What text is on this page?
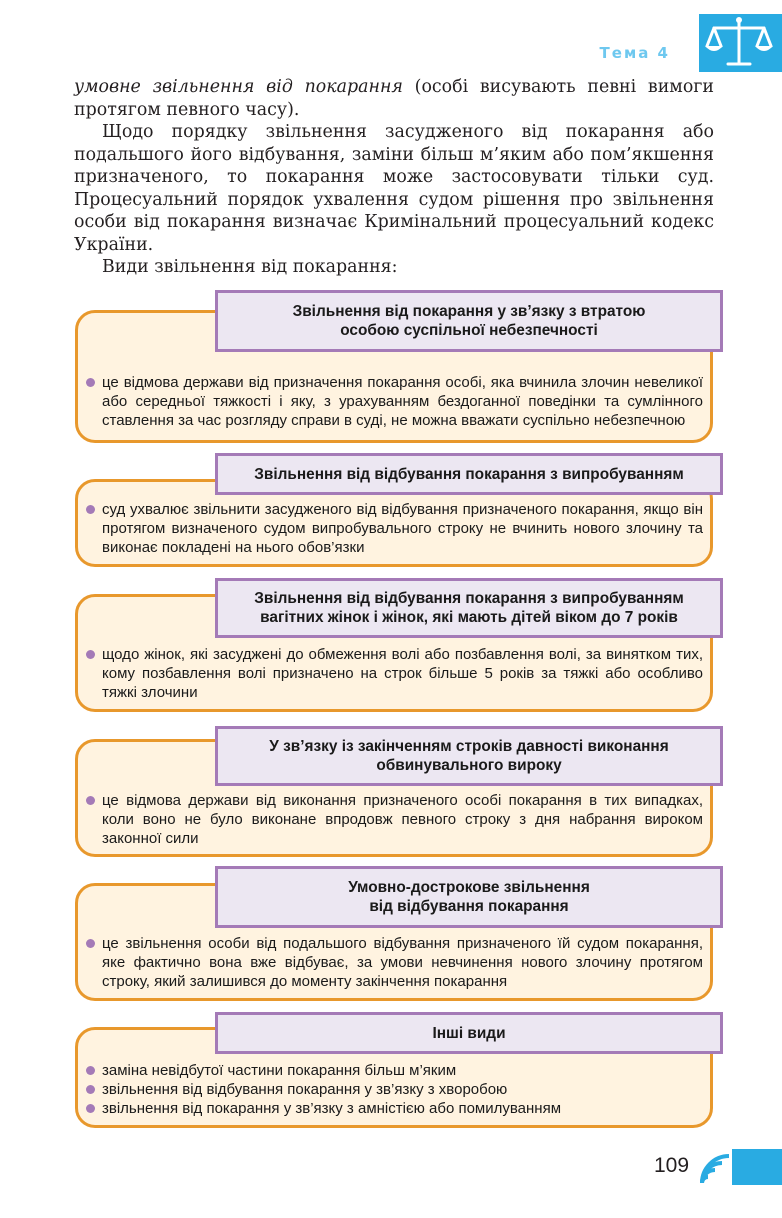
Тема 4

умовне звільнення від покарання (особі висувають певні вимоги протягом певного часу).

Щодо порядку звільнення засудженого від покарання або подальшого його відбування, заміни більш м’яким або пом’якшення призначеного, то покарання може застосовувати тільки суд. Процесуальний порядок ухвалення судом рішення про звільнення особи від покарання визначає Кримінальний процесуальний кодекс України.

Види звільнення від покарання:

Звільнення від покарання у зв’язку з втратою
особою суспільної небезпечності
це відмова держави від призначення покарання особі, яка вчинила злочин невеликої або середньої тяжкості і яку, з урахуванням бездоганної поведінки та сумлінного ставлення за час розгляду справи в суді, не можна вважати суспільно небезпечною
Звільнення від відбування покарання з випробуванням
суд ухвалює звільнити засудженого від відбування призначеного покарання, якщо він протягом визначеного судом випробувального строку не вчинить нового злочину та виконає покладені на нього обов’язки
Звільнення від відбування покарання з випробуванням
вагітних жінок і жінок, які мають дітей віком до 7 років
щодо жінок, які засуджені до обмеження волі або позбавлення волі, за винятком тих, кому позбавлення волі призначено на строк більше 5 років за тяжкі або особливо тяжкі злочини
У зв’язку із закінченням строків давності виконання
обвинувального вироку
це відмова держави від виконання призначеного особі покарання в тих випадках, коли воно не було виконане впродовж певного строку з дня набрання вироком законної сили
Умовно-дострокове звільнення
від відбування покарання
це звільнення особи від подальшого відбування призначеного їй судом покарання, яке фактично вона вже відбуває, за умови невчинення нового злочину протягом строку, який залишився до моменту закінчення покарання
Інші види
заміна невідбутої частини покарання більш м’яким
звільнення від відбування покарання у зв’язку з хворобою
звільнення від покарання у зв’язку з амністією або помилуванням
109
